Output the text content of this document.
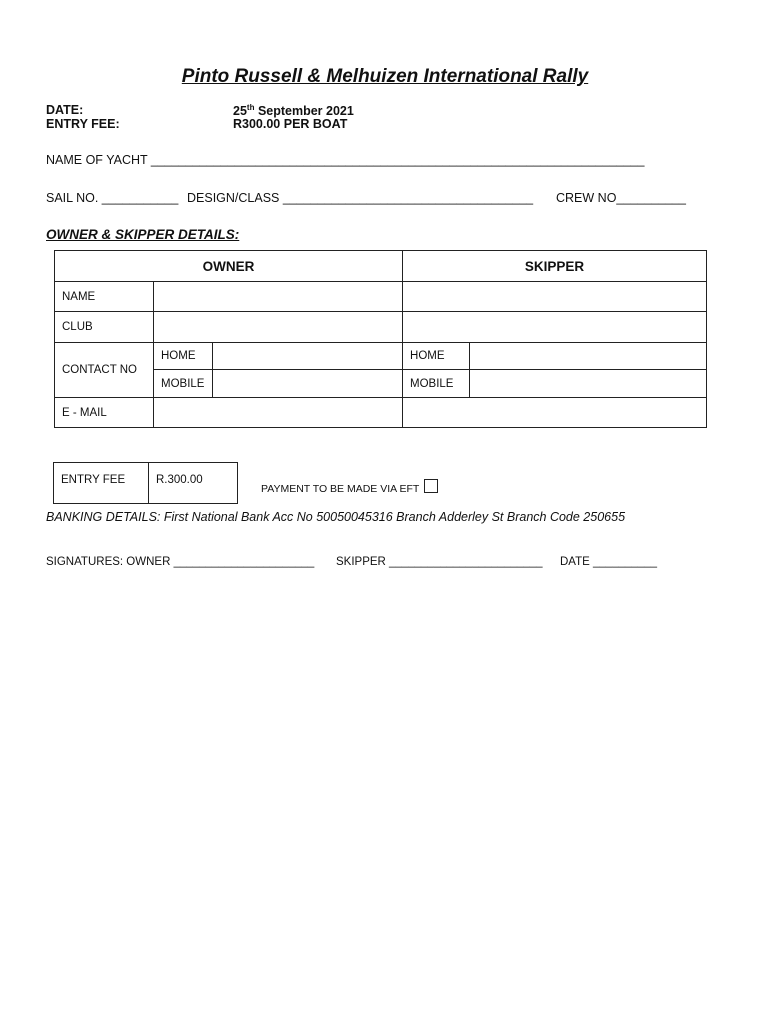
Pinto Russell & Melhuizen International Rally
DATE:	25th September 2021
ENTRY FEE:	R300.00 PER BOAT
NAME OF YACHT _______________________________________________________________________
SAIL NO. ___________ DESIGN/CLASS ____________________________________ CREW NO__________
OWNER & SKIPPER DETAILS:
OWNER			SKIPPER	
NAME				
CLUB				
CONTACT NO	HOME		HOME	
	MOBILE		MOBILE	
E - MAIL				
ENTRY FEE	R.300.00
PAYMENT TO BE MADE VIA EFT
BANKING DETAILS: First National Bank Acc No 50050045316 Branch Adderley St Branch Code 250655
SIGNATURES: OWNER ______________________ SKIPPER ________________________ DATE __________
